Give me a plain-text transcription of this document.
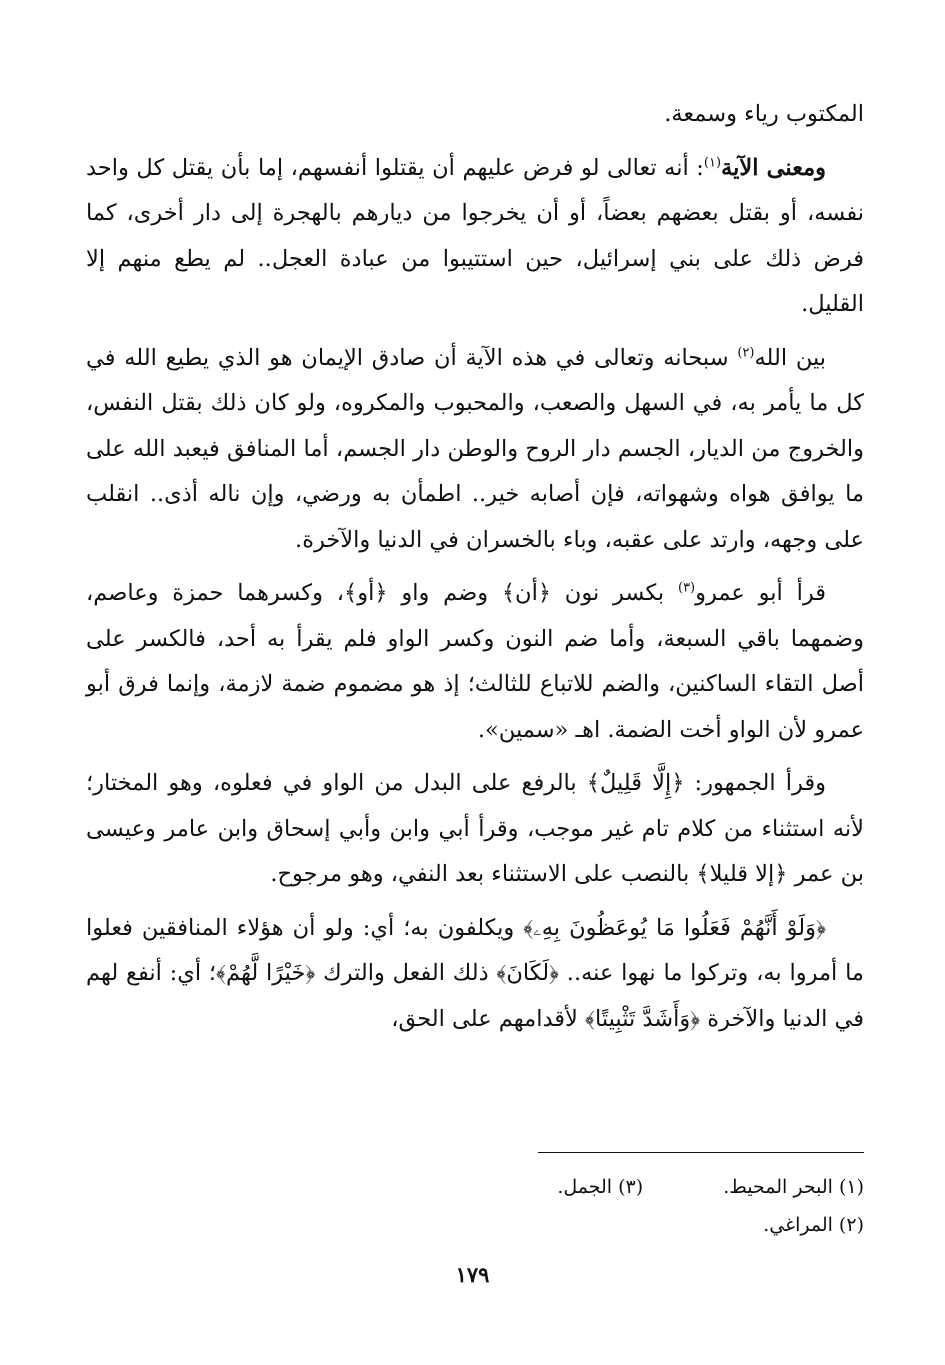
المكتوب رياء وسمعة.

ومعنى الآية$^{(١)}$: أنه تعالى لو فرض عليهم أن يقتلوا أنفسهم، إما بأن يقتل كل واحد نفسه، أو بقتل بعضهم بعضاً، أو أن يخرجوا من ديارهم بالهجرة إلى دار أخرى، كما فرض ذلك على بني إسرائيل، حين استتيبوا من عبادة العجل.. لم يطع منهم إلا القليل.

بين الله$^{(٢)}$ سبحانه وتعالى في هذه الآية أن صادق الإيمان هو الذي يطيع الله في كل ما يأمر به، في السهل والصعب، والمحبوب والمكروه، ولو كان ذلك بقتل النفس، والخروج من الديار، الجسم دار الروح والوطن دار الجسم، أما المنافق فيعبد الله على ما يوافق هواه وشهواته، فإن أصابه خير.. اطمأن به ورضي، وإن ناله أذى.. انقلب على وجهه، وارتد على عقبه، وباء بالخسران في الدنيا والآخرة.

قرأ أبو عمرو$^{(٣)}$ بكسر نون ﴿أن﴾ وضم واو ﴿أو﴾، وكسرهما حمزة وعاصم، وضمهما باقي السبعة، وأما ضم النون وكسر الواو فلم يقرأ به أحد، فالكسر على أصل التقاء الساكنين، والضم للاتباع للثالث؛ إذ هو مضموم ضمة لازمة، وإنما فرق أبو عمرو لأن الواو أخت الضمة. اهـ «سمين».

وقرأ الجمهور: ﴿إِلَّا قَلِيلٌ﴾ بالرفع على البدل من الواو في فعلوه، وهو المختار؛ لأنه استثناء من كلام تام غير موجب، وقرأ أبي وابن وأبي إسحاق وابن عامر وعيسى بن عمر ﴿إلا قليلا﴾ بالنصب على الاستثناء بعد النفي، وهو مرجوح.

﴿وَلَوْ أَنَّهُمْ فَعَلُوا مَا يُوعَظُونَ بِهِۦ﴾ ويكلفون به؛ أي: ولو أن هؤلاء المنافقين فعلوا ما أمروا به، وتركوا ما نهوا عنه.. ﴿لَكَانَ﴾ ذلك الفعل والترك ﴿خَيْرًا لَّهُمْ﴾؛ أي: أنفع لهم في الدنيا والآخرة ﴿وَأَشَدَّ تَثْبِيتًا﴾ لأقدامهم على الحق،

(١) البحر المحيط.
(٣) الجمل.
(٢) المراغي.
١٧٩
